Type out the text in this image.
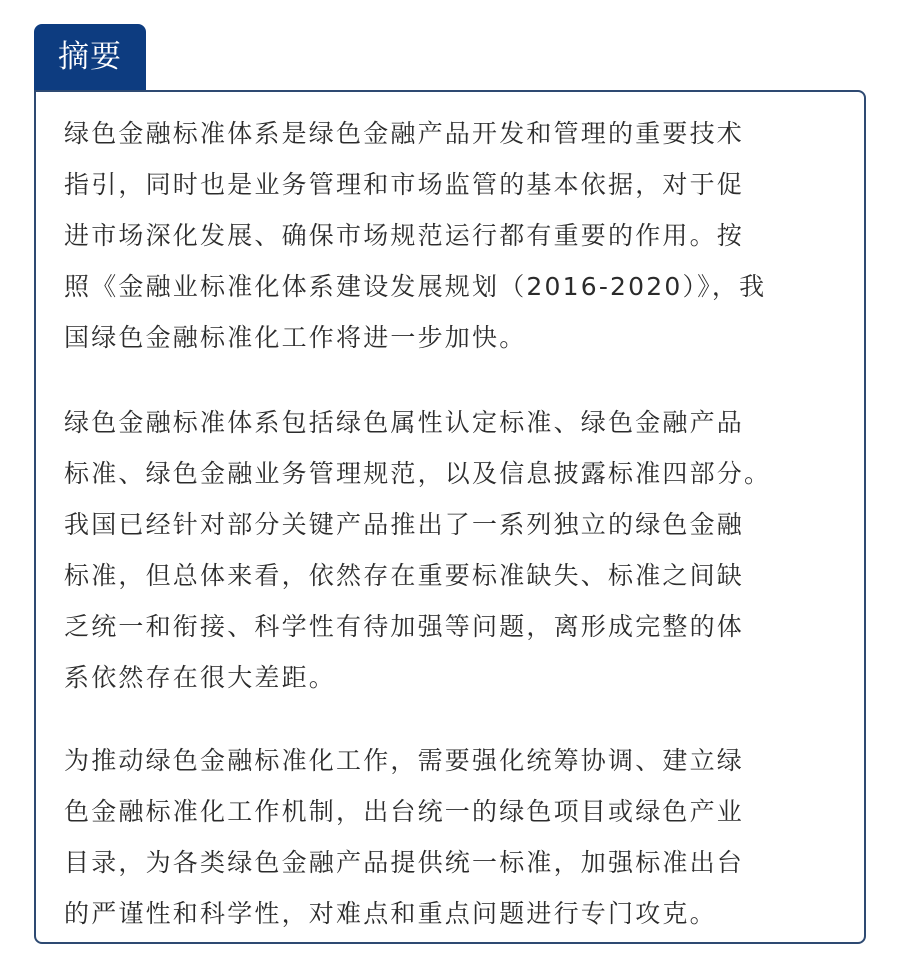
摘要

绿色金融标准体系是绿色金融产品开发和管理的重要技术
指引，同时也是业务管理和市场监管的基本依据，对于促
进市场深化发展、确保市场规范运行都有重要的作用。按
照《金融业标准化体系建设发展规划（2016-2020）》，我
国绿色金融标准化工作将进一步加快。

绿色金融标准体系包括绿色属性认定标准、绿色金融产品
标准、绿色金融业务管理规范，以及信息披露标准四部分。
我国已经针对部分关键产品推出了一系列独立的绿色金融
标准，但总体来看，依然存在重要标准缺失、标准之间缺
乏统一和衔接、科学性有待加强等问题，离形成完整的体
系依然存在很大差距。

为推动绿色金融标准化工作，需要强化统筹协调、建立绿
色金融标准化工作机制，出台统一的绿色项目或绿色产业
目录，为各类绿色金融产品提供统一标准，加强标准出台
的严谨性和科学性，对难点和重点问题进行专门攻克。
